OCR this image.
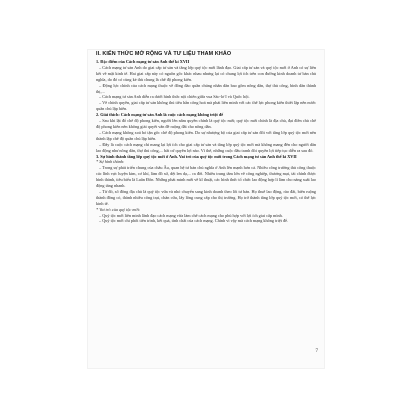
II. KIẾN THỨC MỞ RỘNG VÀ TƯ LIỆU THAM KHẢO

1. Đặc điểm của Cách mạng tư sản Anh thế kỉ XVII

– Cách mạng tư sản Anh do giai cấp tư sản và tầng lớp quý tộc mới lãnh đạo. Giai cấp tư sản và quý tộc mới ở Anh có sự liên kết về mặt kinh tế. Hai giai cấp này có nguồn gốc khác nhau nhưng lại có chung lợi ích trên con đường kinh doanh tư bản chủ nghĩa, do đó có cùng kẻ thù chung là chế độ phong kiến.

– Động lực chính của cách mạng thuộc về đông đảo quần chúng nhân dân bao gồm nông dân, thợ thủ công, bình dân thành thị,...

– Cách mạng tư sản Anh diễn ra dưới hình thức nội chiến giữa vua Sác-lơ I và Quốc hội.

– Về chính quyền, giai cấp tư sản không thủ tiêu hẳn công hoá mà phải liên minh với các thế lực phong kiến thiết lập nên nước quân chủ lập hiến.

2. Giải thích: Cách mạng tư sản Anh là cuộc cách mạng không triệt để

– Sau khi lật đổ chế độ phong kiến, người lên nắm quyền chính là quý tộc mới; quý tộc mới chính là địa chủ, đại điền chủ chế độ phong kiến nên không giải quyết vấn đề ruộng đất cho nông dân.

– Cách mạng không xoá bỏ tận gốc chế độ phong kiến. Do sự nhượng bộ của giai cấp tư sản đối với tầng lớp quý tộc mới nên thành lập chế độ quân chủ lập hiến.

– Đây là cuộc cách mạng chỉ mang lại lợi ích cho giai cấp tư sản và tầng lớp quý tộc mới mà không mang đến cho người dân lao động như nông dân, thợ thủ công,... bất cứ quyền lợi nào. Vì thế, những cuộc đấu tranh đòi quyền lợi tiếp tục diễn ra sau đó.

3. Sự hình thành tầng lớp quý tộc mới ở Anh. Vai trò của quý tộc mới trong Cách mạng tư sản Anh thế kỉ XVII

* Sự hình thành:

– Trong sự phát triển chung của châu Âu, quan hệ tư bản chủ nghĩa ở Anh lên mạnh hơn cả. Nhiều công trường thủ công thuộc các lĩnh vực luyện kim, cơ khí, làm đồ sứ, dệt len dạ,... ra đời. Nhiều trung tâm lớn về công nghiệp, thương mại, tài chính được hình thành, tiêu biểu là Luân Đôn. Những phát minh mới về kĩ thuật, các hình thức tổ chức lao động hợp lí làm cho năng suất lao động tăng nhanh.

– Từ đó, số đông địa chủ là quý tộc vừa và nhỏ chuyển sang kinh doanh theo lối tư bản. Họ thuê lao động, rào đất, biến ruộng thành đồng cỏ, thành nhiều công trại, chăn cừu, lấy lông cung cấp cho thị trường. Họ trở thành tầng lớp quý tộc mới, có thế lực kinh tế.

* Vai trò của quý tộc mới:

– Quý tộc mới liên minh lãnh đạo cách mạng vừa làm chế cách mạng cho phù hợp với lợi ích giai cấp mình.

– Quý tộc mới chi phối tiến trình, kết quả, tính chất của cách mạng. Chính vì vậy mà cách mạng không triệt để.

7
